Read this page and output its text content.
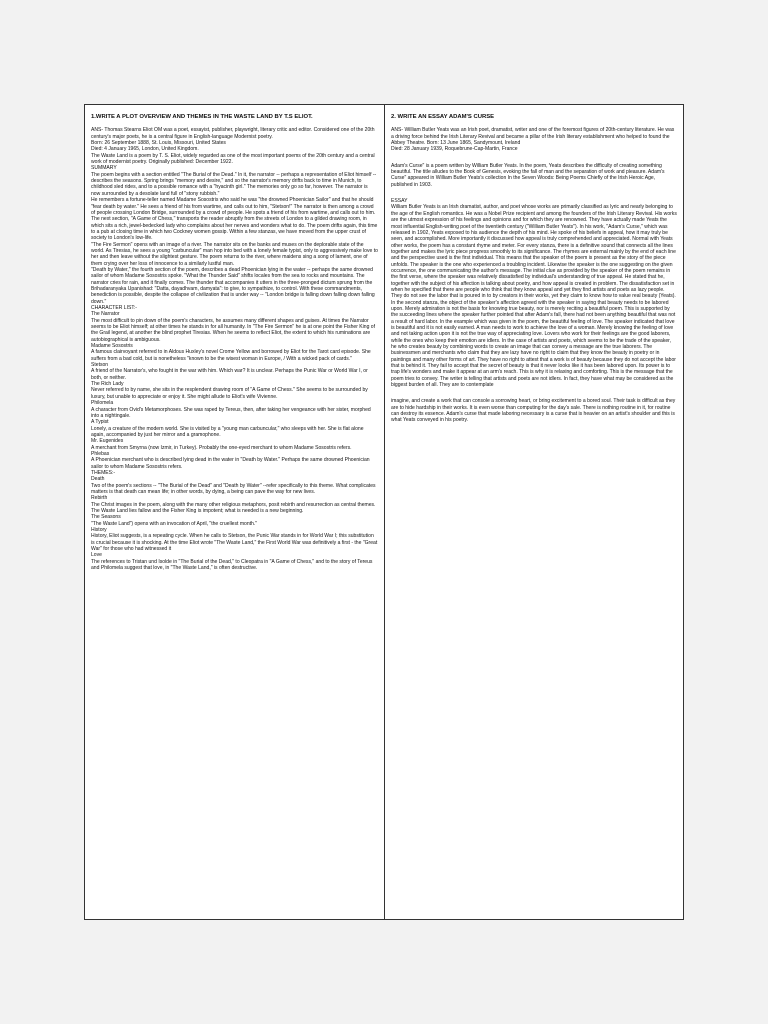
1.WRITE A PLOT OVERVIEW AND THEMES IN THE WASTE LAND BY T.S ELIOT.

ANS- Thomas Stearns Eliot OM was a poet, essayist, publisher, playwright, literary critic and editor. Considered one of the 20th century's major poets, he is a central figure in English-language Modernist poetry.
Born: 26 September 1888, St. Louis, Missouri, United States
Died: 4 January 1965, London, United Kingdom.
The Waste Land is a poem by T. S. Eliot, widely regarded as one of the most important poems of the 20th century and a central work of modernist poetry. Originally published: December 1922.

SUMMARY

The poem begins with a section entitled "The Burial of the Dead." In it, the narrator -- perhaps a representation of Eliot himself -- describes the seasons. Spring brings "memory and desire," and so the narrator's memory drifts back to time in Munich, to childhood sled rides, and to a possible romance with a "hyacinth girl." The memories only go so far, however. The narrator is now surrounded by a desolate land full of "stony rubbish."
He remembers a fortune-teller named Madame Sosostris who said he was "the drowned Phoenician Sailor" and that he should "fear death by water." He sees a friend of his from wartime, and calls out to him, "Stetson!" The narrator is then among a crowd of people crossing London Bridge, surrounded by a crowd of people. He spots a friend of his from wartime, and calls out to him.
The next section, "A Game of Chess," transports the reader abruptly from the streets of London to a gilded drawing room, in which sits a rich, jewel-bedecked lady who complains about her nerves and wonders what to do. The poem drifts again, this time to a pub at closing time in which two Cockney women gossip. Within a few stanzas, we have moved from the upper crust of society to London's low-life.
"The Fire Sermon" opens with an image of a river. The narrator sits on the banks and muses on the deplorable state of the world. As Tiresias, he sees a young "carbuncular" man hop into bed with a lonely female typist, only to aggressively make love to her and then leave without the slightest gesture. The poem returns to the river, where maidens sing a song of lament, one of them crying over her loss of innocence to a similarly lustful man.
"Death by Water," the fourth section of the poem, describes a dead Phoenician lying in the water -- perhaps the same drowned sailor of whom Madame Sosostris spoke. "What the Thunder Said" shifts locales from the sea to rocks and mountains. The narrator cries for rain, and it finally comes. The thunder that accompanies it utters in the three-pronged dictum sprung from the Brihadaranyaka Upanishad: "Datta, dayadhvam, damyata": to give, to sympathize, to control. With these commandments, benediction is possible, despite the collapse of civilization that is under way -- "London bridge is falling down falling down falling down."

CHARACTER LIST:-

The Narrator
The most difficult to pin down of the poem's characters, he assumes many different shapes and guises. At times the Narrator seems to be Eliot himself; at other times he stands in for all humanity. In "The Fire Sermon" he is at one point the Fisher King of the Grail legend, at another the blind prophet Tiresias. When he seems to reflect Eliot, the extent to which his ruminations are autobiographical is ambiguous.
Madame Sosostris
A famous clairvoyant referred to in Aldous Huxley's novel Crome Yellow and borrowed by Eliot for the Tarot card episode. She suffers from a bad cold, but is nonetheless "known to be the wisest woman in Europe, / With a wicked pack of cards."
Stetson
A friend of the Narrator's, who fought in the war with him. Which war? It is unclear. Perhaps the Punic War or World War I, or both, or neither.
The Rich Lady
Never referred to by name, she sits in the resplendent drawing room of "A Game of Chess." She seems to be surrounded by luxury, but unable to appreciate or enjoy it. She might allude to Eliot's wife Vivienne.
Philomela
A character from Ovid's Metamorphoses. She was raped by Tereus, then, after taking her vengeance with her sister, morphed into a nightingale.
A Typist
Lonely, a creature of the modern world. She is visited by a "young man carbuncular," who sleeps with her. She is flat alone again, accompanied by just her mirror and a gramophone.
Mr. Eugenides
A merchant from Smyrna (now Izmir, in Turkey). Probably the one-eyed merchant to whom Madame Sosostris refers.
Phlebas
A Phoenician merchant who is described lying dead in the water in "Death by Water." Perhaps the same drowned Phoenician sailor to whom Madame Sosostris refers.

THEMES:-

Death
Two of the poem's sections -- "The Burial of the Dead" and "Death by Water" --refer specifically to this theme. What complicates matters is that death can mean life; in other words, by dying, a being can pave the way for new lives.
Rebirth
The Christ images in the poem, along with the many other religious metaphors, posit rebirth and resurrection as central themes. The Waste Land lies fallow and the Fisher King is impotent; what is needed is a new beginning.
The Seasons
"The Waste Land") opens with an invocation of April, "the cruellest month."
History
History, Eliot suggests, is a repeating cycle. When he calls to Stetson, the Punic War stands in for World War I; this substitution is crucial because it is shocking. At the time Eliot wrote "The Waste Land," the First World War was definitively a first - the "Great War" for those who had witnessed it
Love
The references to Tristan und Isolde in "The Burial of the Dead," to Cleopatra in "A Game of Chess," and to the story of Tereus and Philomela suggest that love, in "The Waste Land," is often destructive.

2. WRITE AN ESSAY ADAM'S CURSE

ANS- William Butler Yeats was an Irish poet, dramatist, writer and one of the foremost figures of 20th-century literature. He was a driving force behind the Irish Literary Revival and became a pillar of the Irish literary establishment who helped to found the Abbey Theatre. Born: 13 June 1865, Sandymount, Ireland
Died: 28 January 1939, Roquebrune-Cap-Martin, France

Adam's Curse" is a poem written by William Butler Yeats. In the poem, Yeats describes the difficulty of creating something beautiful. The title alludes to the Book of Genesis, evoking the fall of man and the separation of work and pleasure. Adam's Curse" appeared in William Butler Yeats's collection In the Seven Woods: Being Poems Chiefly of the Irish Heroic Age, published in 1903.

ESSAY

William Butler Yeats is an Irish dramatist, author, and poet whose works are primarily classified as lyric and nearly belonging to the age of the English romantics. He was a Nobel Prize recipient and among the founders of the Irish Literary Revival. His works are the utmost expression of his feelings and opinions and for which they are renowned. They have actually made Yeats the most influential English-writing poet of the twentieth century ("William Butler Yeats"). In his work, "Adam's Curse," which was released in 1902, Yeats exposed to his audience the depth of his mind. He spoke of his beliefs in appeal, how it may truly be seen, and accomplished. More importantly it discussed how appeal is truly comprehended and appreciated. Normal with Yeats other works, the poem has a constant rhyme and meter. For every stanza, there is a definitive sound that connects all the lines together and makes the lyric piece progress smoothly to its significance. The rhymes are external mainly by the end of each line and the perspective used is the first individual. This means that the speaker of the poem is present as the story of the piece unfolds. The speaker is the one who experienced a troubling incident. Likewise the speaker is the one suggesting on the given occurrence, the one communicating the author's message. The initial clue as provided by the speaker of the poem remains in the first verse, where the speaker was relatively dissatisfied by individual's understanding of true appeal. He stated that he, together with the subject of his affection is talking about poetry, and how appeal is created in problem. The dissatisfaction set in when he specified that there are people who think that they know appeal and yet they find artists and poets as lazy people. They do not see the labor that is poured in to by creators in their works, yet they claim to know how to value real beauty (Yeats). In the second stanza, the object of the speaker's affection agreed with the speaker in saying that beauty needs to be labored upon. Merely admiration is not the basis for knowing true beauty, nor is merely reciting a beautiful poem. This is supported by the succeeding lines where the speaker further pointed that after Adam's fall, there had not been anything beautiful that was not a result of hard labor. In the example which was given in the poem, the beautiful feeling of love. The speaker indicated that love is beautiful and it is not easily earned. A man needs to work to achieve the love of a woman. Merely knowing the feeling of love and not taking action upon it is not the true way of appreciating love. Lovers who work for their feelings are the good laborers, while the ones who keep their emotion are idlers. In the case of artists and poets, which seems to be the trade of the speaker, he who creates beauty by combining words to create an image that can convey a message are the true laborers. The businessmen and merchants who claim that they are lazy have no right to claim that they know the beauty in poetry or in paintings and many other forms of art. They have no right to attest that a work is of beauty because they do not accept the labor that is behind it. They fail to accept that the secret of beauty is that it never looks like it has been labored upon. Its power is to trap life's wonders and make it appear at an arm's reach. This is why it is relaxing and comforting. This is the message that the poem tries to convey. The writer is telling that artists and poets are not idlers. In fact, they have what may be considered as the biggest burden of all. They are to contemplate

imagine, and create a work that can console a sorrowing heart, or bring excitement to a bored soul. Their task is difficult as they are to hide hardship in their works. It is even worse than computing for the day's sale. There is nothing routine in it, for routine can destroy its essence. Adam's curse that made laboring necessary is a curse that is heavier on an artist's shoulder and this is what Yeats conveyed in his poetry.
